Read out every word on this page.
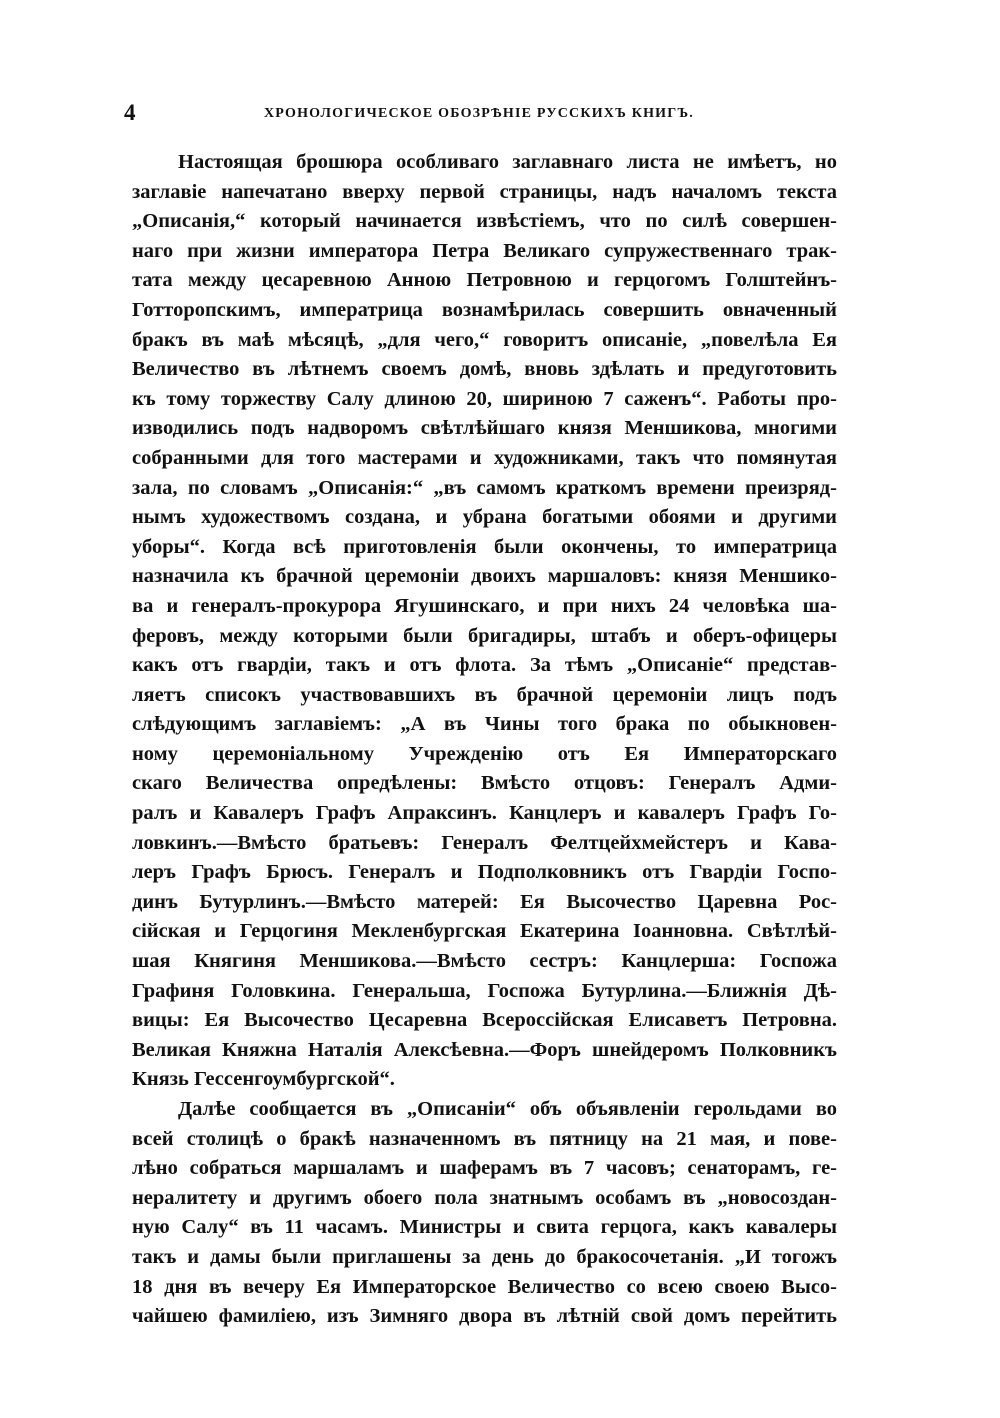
4	ХРОНОЛОГИЧЕСКОЕ ОБОЗРѢНІЕ РУССКИХЪ КНИГЪ.

Настоящая брошюра особливаго заглавнаго листа не имѣетъ, но
заглавіе напечатано вверху первой страницы, надъ началомъ текста
„Описанія,“ который начинается извѣстіемъ, что по силѣ совершен-
наго при жизни императора Петра Великаго супружественнаго трак-
тата между цесаревною Анною Петровною и герцогомъ Голштейнъ-
Готторопскимъ, императрица вознамѣрилась совершить овначенный
бракъ въ маѣ мѣсяцѣ, „для чего,“ говоритъ описаніе, „повелѣла Ея
Величество въ лѣтнемъ своемъ домѣ, вновь здѣлать и предуготовить
къ тому торжеству Салу длиною 20, шириною 7 саженъ“. Работы про-
изводились подъ надворомъ свѣтлѣйшаго князя Меншикова, многими
собранными для того мастерами и художниками, такъ что помянутая
зала, по словамъ „Описанія:“ „въ самомъ краткомъ времени преизряд-
нымъ художествомъ создана, и убрана богатыми обоями и другими
уборы“. Когда всѣ приготовленія были окончены, то императрица
назначила къ брачной церемоніи двоихъ маршаловъ: князя Меншико-
ва и генералъ-прокурора Ягушинскаго, и при нихъ 24 человѣка ша-
феровъ, между которыми были бригадиры, штабъ и оберъ-офицеры
какъ отъ гвардіи, такъ и отъ флота. За тѣмъ „Описаніе“ представ-
ляетъ списокъ участвовавшихъ въ брачной церемоніи лицъ подъ
слѣдующимъ заглавіемъ: „А въ Чины того брака по обыкновен-
ному церемоніальному Учрежденію отъ Ея Императорскаго
скаго Величества опредѣлены: Вмѣсто отцовъ: Генералъ Адми-
ралъ и Кавалеръ Графъ Апраксинъ. Канцлеръ и кавалеръ Графъ Го-
ловкинъ.—Вмѣсто братьевъ: Генералъ Фелтцейхмейстеръ и Кава-
леръ Графъ Брюсъ. Генералъ и Подполковникъ отъ Гвардіи Госпо-
динъ Бутурлинъ.—Вмѣсто матерей: Ея Высочество Царевна Рос-
сійская и Герцогиня Мекленбургская Екатерина Іоанновна. Свѣтлѣй-
шая Княгиня Меншикова.—Вмѣсто сестръ: Канцлерша: Госпожа
Графиня Головкина. Генеральша, Госпожа Бутурлина.—Ближнія Дѣ-
вицы: Ея Высочество Цесаревна Всероссійская Елисаветъ Петровна.
Великая Княжна Наталія Алексѣевна.—Форъ шнейдеромъ Полковникъ
Князь Гессенгоумбургской“.

Далѣе сообщается въ „Описаніи“ объ объявленіи герольдами во
всей столицѣ о бракѣ назначенномъ въ пятницу на 21 мая, и пове-
лѣно собраться маршаламъ и шаферамъ въ 7 часовъ; сенаторамъ, ге-
нералитету и другимъ обоего пола знатнымъ особамъ въ „новосоздан-
ную Салу“ въ 11 часамъ. Министры и свита герцога, какъ кавалеры
такъ и дамы были приглашены за день до бракосочетанія. „И тогожъ
18 дня въ вечеру Ея Императорское Величество со всею своею Высо-
чайшею фамиліею, изъ Зимняго двора въ лѣтній свой домъ перейтить
